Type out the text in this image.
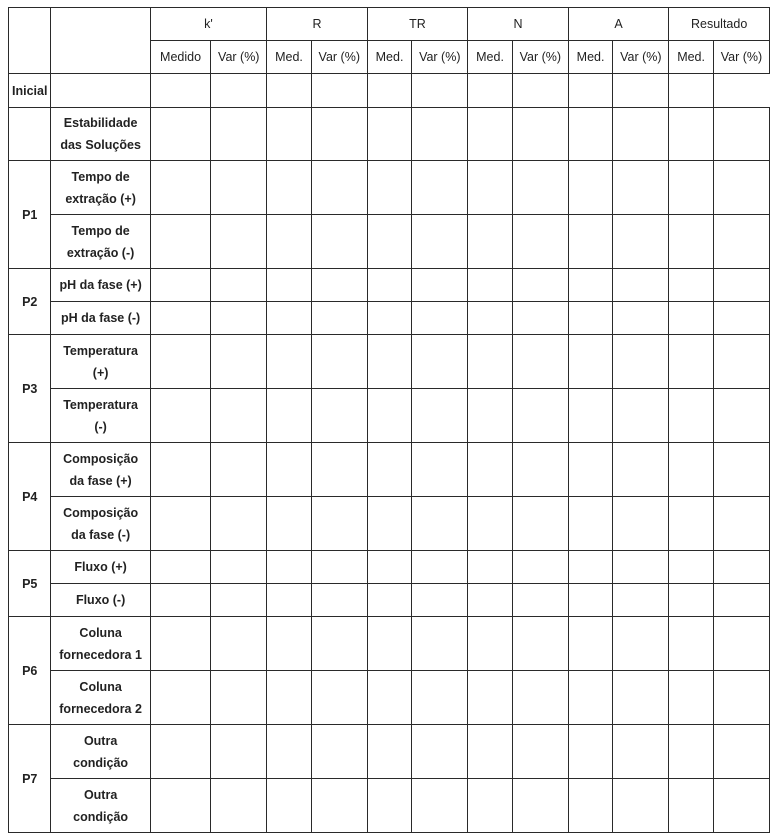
		k'		R		TR		N		A		Resultado	
		Medido	Var (%)	Med.	Var (%)	Med.	Var (%)	Med.	Var (%)	Med.	Var (%)	Med.	Var (%)
Inicial													
	Estabilidade
das Soluções												
P1	Tempo de
extração (+)												
	Tempo de
extração (-)												
P2	pH da fase (+)												
	pH da fase (-)												
P3	Temperatura
(+)												
	Temperatura
(-)												
P4	Composição
da fase (+)												
	Composição
da fase (-)												
P5	Fluxo (+)												
	Fluxo (-)												
P6	Coluna
fornecedora 1												
	Coluna
fornecedora 2												
P7	Outra
condição												
	Outra
condição												
